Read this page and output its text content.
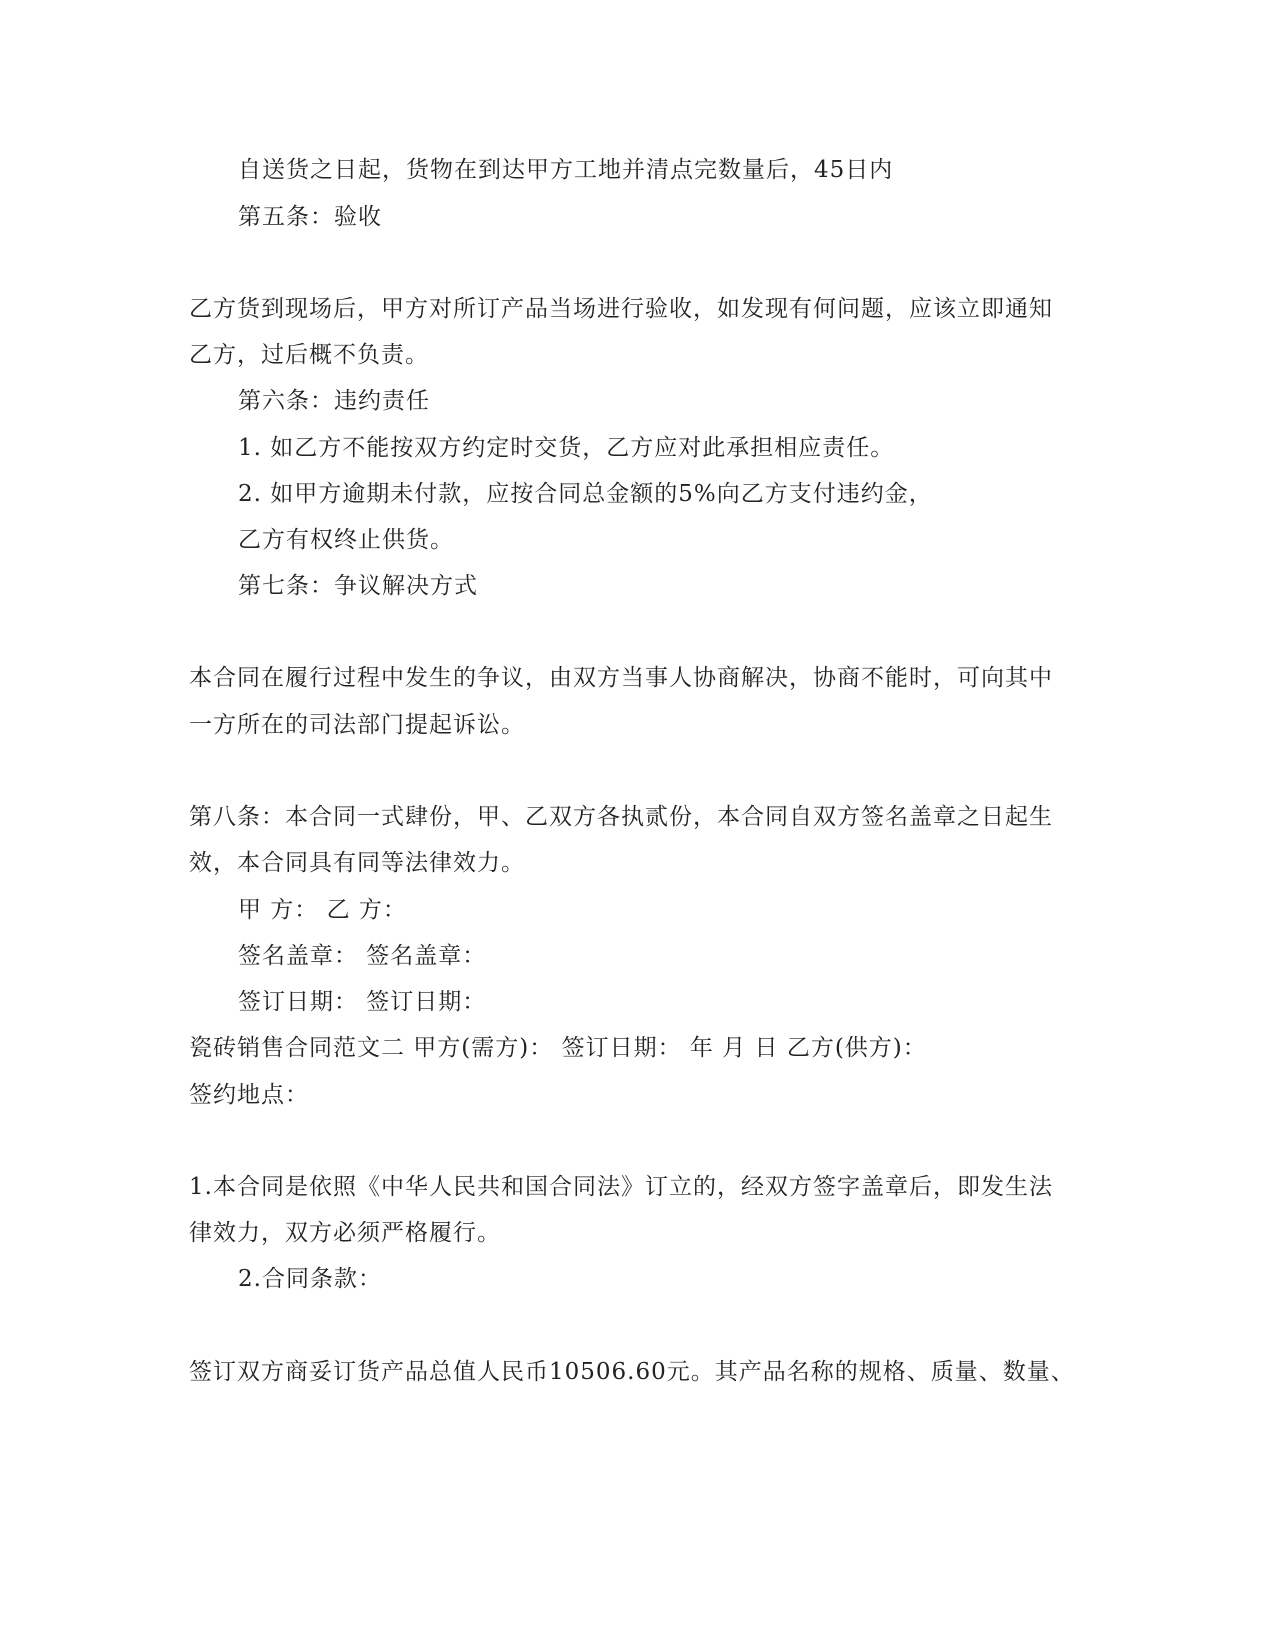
自送货之日起，货物在到达甲方工地并清点完数量后，45日内
第五条：验收
乙方货到现场后，甲方对所订产品当场进行验收，如发现有何问题，应该立即通知
乙方，过后概不负责。
第六条：违约责任
1. 如乙方不能按双方约定时交货，乙方应对此承担相应责任。
2. 如甲方逾期未付款，应按合同总金额的5%向乙方支付违约金，
乙方有权终止供货。
第七条：争议解决方式
本合同在履行过程中发生的争议，由双方当事人协商解决，协商不能时，可向其中
一方所在的司法部门提起诉讼。
第八条：本合同一式肆份，甲、乙双方各执贰份，本合同自双方签名盖章之日起生
效，本合同具有同等法律效力。
甲 方： 乙 方：
签名盖章： 签名盖章：
签订日期： 签订日期：
瓷砖销售合同范文二 甲方(需方)： 签订日期： 年 月 日 乙方(供方)：
签约地点：
1.本合同是依照《中华人民共和国合同法》订立的，经双方签字盖章后，即发生法
律效力，双方必须严格履行。
2.合同条款：
签订双方商妥订货产品总值人民币10506.60元。其产品名称的规格、质量、数量、
